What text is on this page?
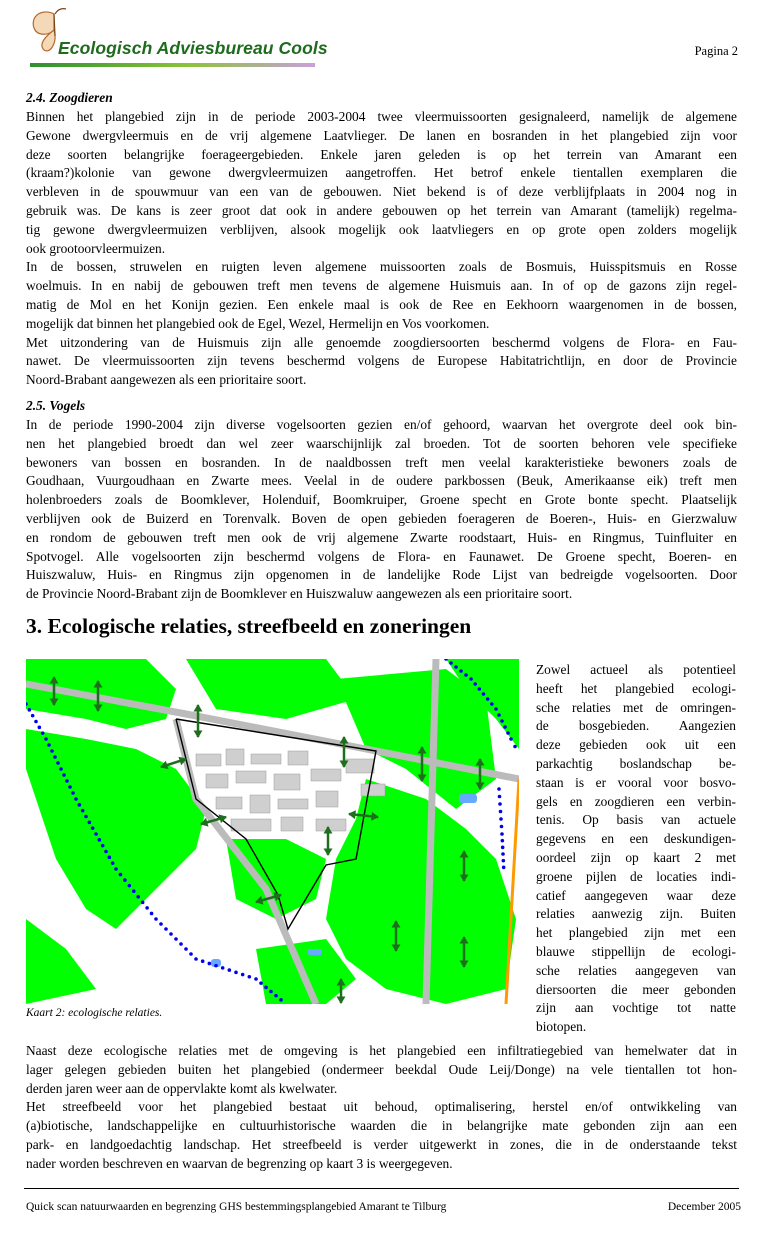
Ecologisch Adviesbureau Cools	Pagina 2
2.4. Zoogdieren
Binnen het plangebied zijn in de periode 2003-2004 twee vleermuissoorten gesignaleerd, namelijk de algemene
Gewone dwergvleermuis en de vrij algemene Laatvlieger. De lanen en bosranden in het plangebied zijn voor
deze soorten belangrijke foerageergebieden. Enkele jaren geleden is op het terrein van Amarant een
(kraam?)kolonie van gewone dwergvleermuizen aangetroffen. Het betrof enkele tientallen exemplaren die
verbleven in de spouwmuur van een van de gebouwen. Niet bekend is of deze verblijfplaats in 2004 nog in
gebruik was. De kans is zeer groot dat ook in andere gebouwen op het terrein van Amarant (tamelijk) regelma-
tig gewone dwergvleermuizen verblijven, alsook mogelijk ook laatvliegers en op grote open zolders mogelijk
ook grootoorvleermuizen.
In de bossen, struwelen en ruigten leven algemene muissoorten zoals de Bosmuis, Huisspitsmuis en Rosse
woelmuis. In en nabij de gebouwen treft men tevens de algemene Huismuis aan. In of op de gazons zijn regel-
matig de Mol en het Konijn gezien. Een enkele maal is ook de Ree en Eekhoorn waargenomen in de bossen,
mogelijk dat binnen het plangebied ook de Egel, Wezel, Hermelijn en Vos voorkomen.
Met uitzondering van de Huismuis zijn alle genoemde zoogdiersoorten beschermd volgens de Flora- en Fau-
nawet. De vleermuissoorten zijn tevens beschermd volgens de Europese Habitatrichtlijn, en door de Provincie
Noord-Brabant aangewezen als een prioritaire soort.
2.5. Vogels
In de periode 1990-2004 zijn diverse vogelsoorten gezien en/of gehoord, waarvan het overgrote deel ook bin-
nen het plangebied broedt dan wel zeer waarschijnlijk zal broeden. Tot de soorten behoren vele specifieke
bewoners van bossen en bosranden. In de naaldbossen treft men veelal karakteristieke bewoners zoals de
Goudhaan, Vuurgoudhaan en Zwarte mees. Veelal in de oudere parkbossen (Beuk, Amerikaanse eik) treft men
holenbroeders zoals de Boomklever, Holenduif, Boomkruiper, Groene specht en Grote bonte specht. Plaatselijk
verblijven ook de Buizerd en Torenvalk. Boven de open gebieden foerageren de Boeren-, Huis- en Gierzwaluw
en rondom de gebouwen treft men ook de vrij algemene Zwarte roodstaart, Huis- en Ringmus, Tuinfluiter en
Spotvogel. Alle vogelsoorten zijn beschermd volgens de Flora- en Faunawet. De Groene specht, Boeren- en
Huiszwaluw, Huis- en Ringmus zijn opgenomen in de landelijke Rode Lijst van bedreigde vogelsoorten. Door
de Provincie Noord-Brabant zijn de Boomklever en Huiszwaluw aangewezen als een prioritaire soort.
3. Ecologische relaties, streefbeeld en zoneringen
Kaart 2: ecologische relaties.
Zowel actueel als potentieel
heeft het plangebied ecologi-
sche relaties met de omringen-
de bosgebieden. Aangezien
deze gebieden ook uit een
parkachtig boslandschap be-
staan is er vooral voor bosvo-
gels en zoogdieren een verbin-
tenis. Op basis van actuele
gegevens en een deskundigen-
oordeel zijn op kaart 2 met
groene pijlen de locaties indi-
catief aangegeven waar deze
relaties aanwezig zijn. Buiten
het plangebied zijn met een
blauwe stippellijn de ecologi-
sche relaties aangegeven van
diersoorten die meer gebonden
zijn aan vochtige tot natte
biotopen.
Naast deze ecologische relaties met de omgeving is het plangebied een infiltratiegebied van hemelwater dat in
lager gelegen gebieden buiten het plangebied (ondermeer beekdal Oude Leij/Donge) na vele tientallen tot hon-
derden jaren weer aan de oppervlakte komt als kwelwater.
Het streefbeeld voor het plangebied bestaat uit behoud, optimalisering, herstel en/of ontwikkeling van
(a)biotische, landschappelijke en cultuurhistorische waarden die in belangrijke mate gebonden zijn aan een
park- en landgoedachtig landschap. Het streefbeeld is verder uitgewerkt in zones, die in de onderstaande tekst
nader worden beschreven en waarvan de begrenzing op kaart 3 is weergegeven.
Quick scan natuurwaarden en begrenzing GHS bestemmingsplangebied Amarant te Tilburg	December 2005
